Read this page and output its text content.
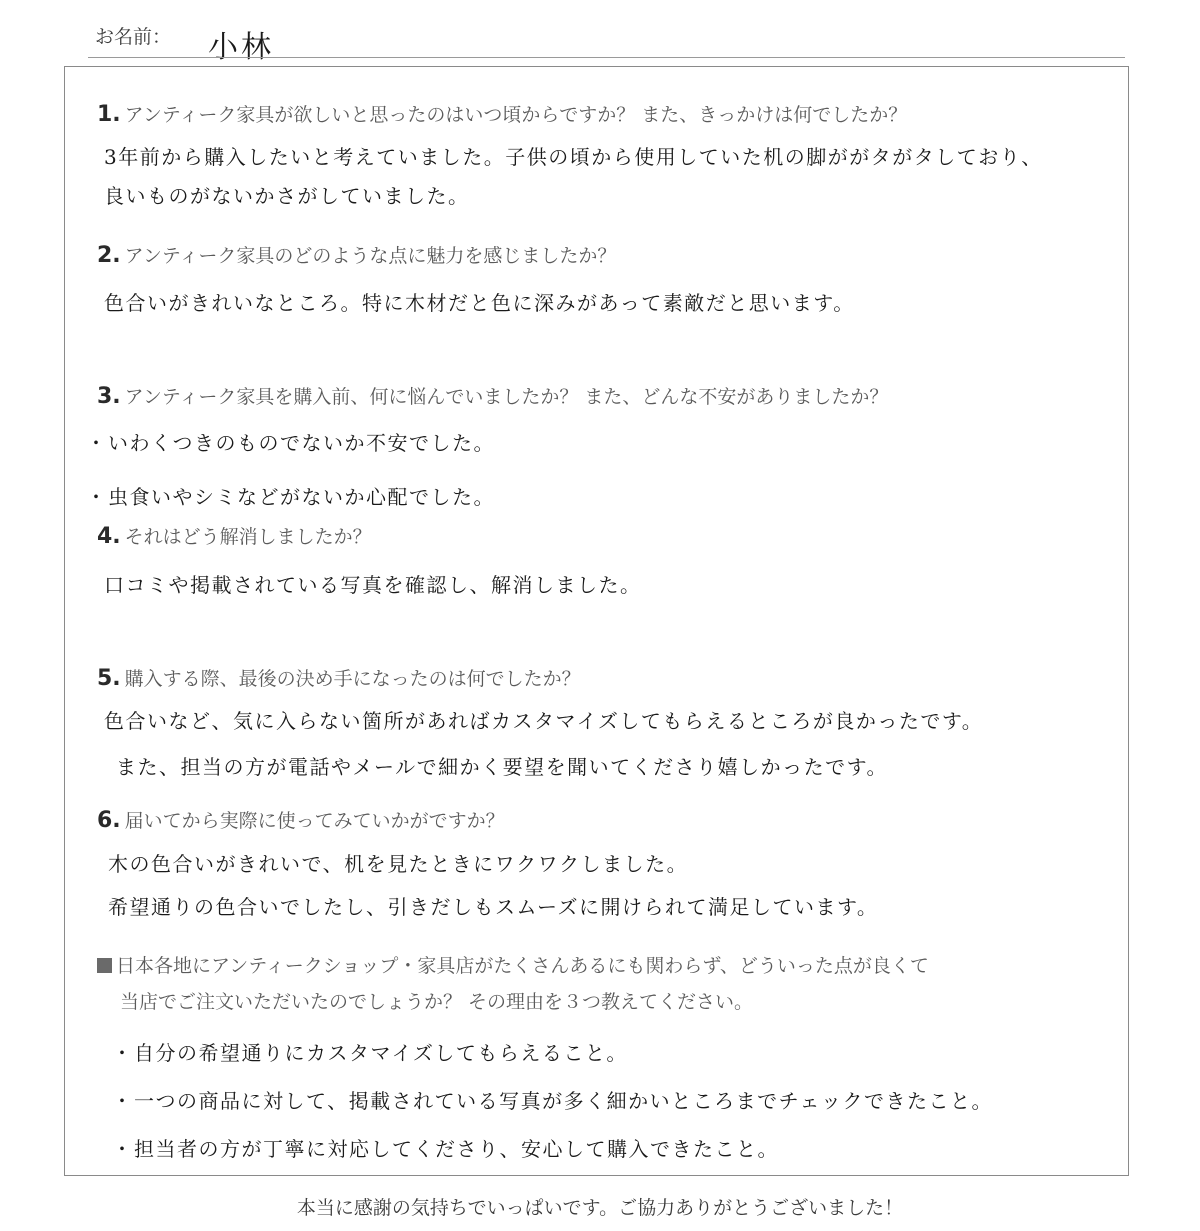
お名前： 小林
1. アンティーク家具が欲しいと思ったのはいつ頃からですか？ また、きっかけは何でしたか？
3年前から購入したいと考えていました。子供の頃から使用していた机の脚ががタがタしており、
良いものがないかさがしていました。
2. アンティーク家具のどのような点に魅力を感じましたか？
色合いがきれいなところ。特に木材だと色に深みがあって素敵だと思います。
3. アンティーク家具を購入前、何に悩んでいましたか？ また、どんな不安がありましたか？
・いわくつきのものでないか不安でした。
・虫食いやシミなどがないか心配でした。
4. それはどう解消しましたか？
口コミや掲載されている写真を確認し、解消しました。
5. 購入する際、最後の決め手になったのは何でしたか？
色合いなど、気に入らない箇所があればカスタマイズしてもらえるところが良かったです。
また、担当の方が電話やメールで細かく要望を聞いてくださり嬉しかったです。
6. 届いてから実際に使ってみていかがですか？
木の色合いがきれいで、机を見たときにワクワクしました。
希望通りの色合いでしたし、引きだしもスムーズに開けられて満足しています。
日本各地にアンティークショップ・家具店がたくさんあるにも関わらず、どういった点が良くて
当店でご注文いただいたのでしょうか？ その理由を３つ教えてください。
・自分の希望通りにカスタマイズしてもらえること。
・一つの商品に対して、掲載されている写真が多く細かいところまでチェックできたこと。
・担当者の方が丁寧に対応してくださり、安心して購入できたこと。
本当に感謝の気持ちでいっぱいです。ご協力ありがとうございました！
